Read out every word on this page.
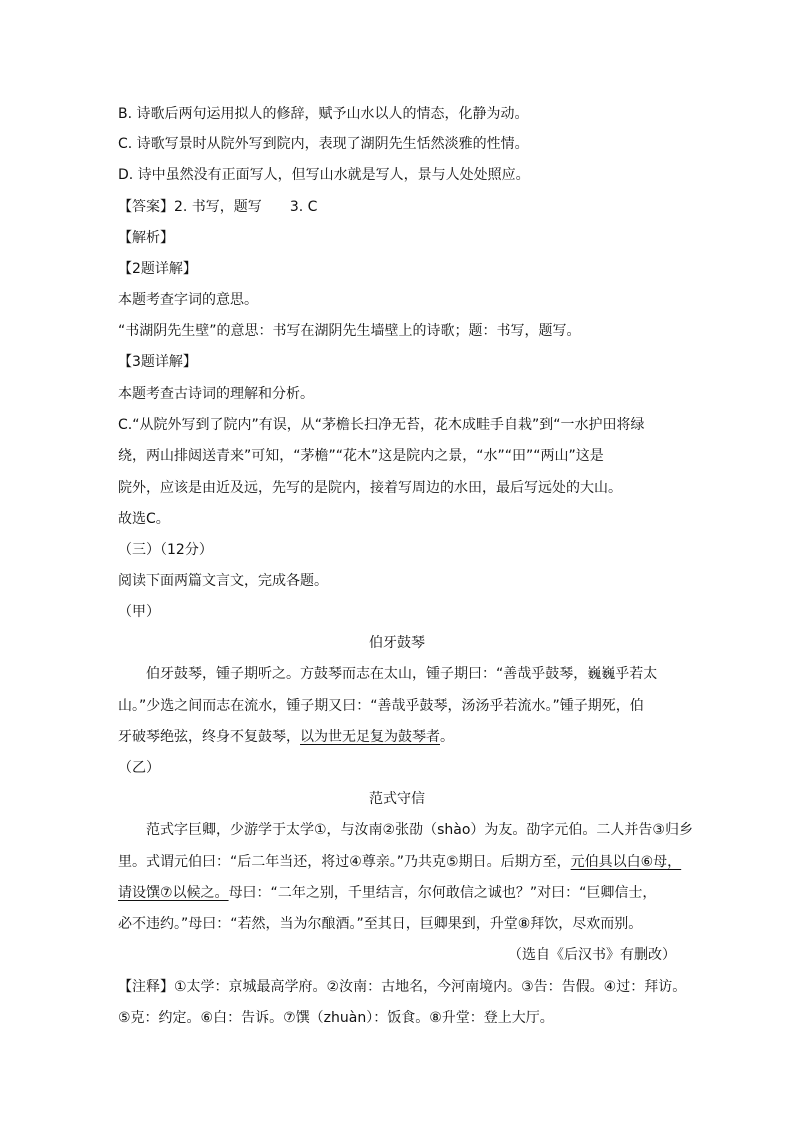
B. 诗歌后两句运用拟人的修辞，赋予山水以人的情态，化静为动。
C. 诗歌写景时从院外写到院内，表现了湖阴先生恬然淡雅的性情。
D. 诗中虽然没有正面写人，但写山水就是写人，景与人处处照应。
【答案】2. 书写，题写 3. C
【解析】
【2题详解】
本题考查字词的意思。
“书湖阴先生壁”的意思：书写在湖阴先生墙壁上的诗歌；题：书写，题写。
【3题详解】
本题考查古诗词的理解和分析。
C.“从院外写到了院内”有误，从“茅檐长扫净无苔，花木成畦手自栽”到“一水护田将绿
绕，两山排闼送青来”可知，“茅檐”“花木”这是院内之景，“水”“田”“两山”这是
院外，应该是由近及远，先写的是院内，接着写周边的水田，最后写远处的大山。
故选C。
（三）（12分）
阅读下面两篇文言文，完成各题。
（甲）
伯牙鼓琴
伯牙鼓琴，锺子期听之。方鼓琴而志在太山，锺子期曰：“善哉乎鼓琴，巍巍乎若太
山。”少选之间而志在流水，锺子期又曰：“善哉乎鼓琴，汤汤乎若流水。”锺子期死，伯
牙破琴绝弦，终身不复鼓琴，以为世无足复为鼓琴者。
（乙）
范式守信
范式字巨卿，少游学于太学①，与汝南②张劭（shào）为友。劭字元伯。二人并告③归乡
里。式谓元伯曰：“后二年当还，将过④尊亲。”乃共克⑤期日。后期方至，元伯具以白⑥母，
请设馔⑦以候之。母曰：“二年之别，千里结言，尔何敢信之诚也？”对曰：“巨卿信士，
必不违约。”母曰：“若然，当为尔酿酒。”至其日，巨卿果到，升堂⑧拜饮，尽欢而别。
（选自《后汉书》有删改）
【注释】①太学：京城最高学府。②汝南：古地名，今河南境内。③告：告假。④过：拜访。
⑤克：约定。⑥白：告诉。⑦馔（zhuàn）：饭食。⑧升堂：登上大厅。
